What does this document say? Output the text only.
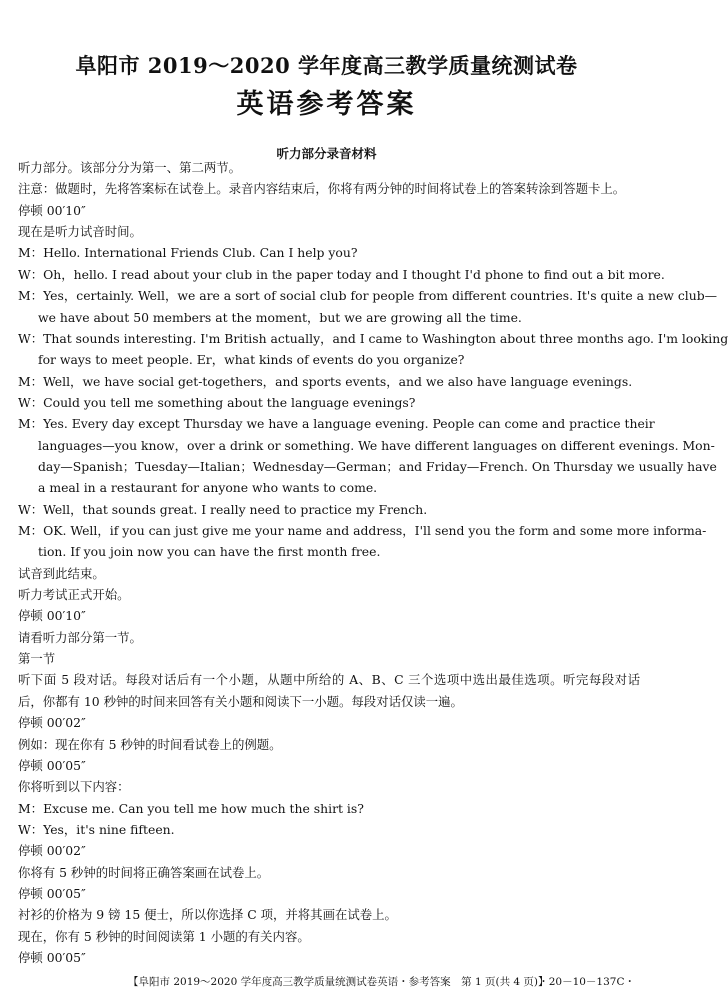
阜阳市 2019～2020 学年度高三教学质量统测试卷
英语参考答案
听力部分录音材料
听力部分。该部分分为第一、第二两节。
注意：做题时，先将答案标在试卷上。录音内容结束后，你将有两分钟的时间将试卷上的答案转涂到答题卡上。
停顿 00′10″
现在是听力试音时间。
M：Hello. International Friends Club. Can I help you?
W：Oh，hello. I read about your club in the paper today and I thought I'd phone to find out a bit more.
M：Yes，certainly. Well，we are a sort of social club for people from different countries. It's quite a new club—
we have about 50 members at the moment，but we are growing all the time.
W：That sounds interesting. I'm British actually，and I came to Washington about three months ago. I'm looking
for ways to meet people. Er，what kinds of events do you organize?
M：Well，we have social get-togethers，and sports events，and we also have language evenings.
W：Could you tell me something about the language evenings?
M：Yes. Every day except Thursday we have a language evening. People can come and practice their
languages—you know，over a drink or something. We have different languages on different evenings. Mon-
day—Spanish；Tuesday—Italian；Wednesday—German；and Friday—French. On Thursday we usually have
a meal in a restaurant for anyone who wants to come.
W：Well，that sounds great. I really need to practice my French.
M：OK. Well，if you can just give me your name and address，I'll send you the form and some more informa-
tion. If you join now you can have the first month free.
试音到此结束。
听力考试正式开始。
停顿 00′10″
请看听力部分第一节。
第一节
听下面 5 段对话。每段对话后有一个小题，从题中所给的 A、B、C 三个选项中选出最佳选项。听完每段对话
后，你都有 10 秒钟的时间来回答有关小题和阅读下一小题。每段对话仅读一遍。
停顿 00′02″
例如：现在你有 5 秒钟的时间看试卷上的例题。
停顿 00′05″
你将听到以下内容：
M：Excuse me. Can you tell me how much the shirt is?
W：Yes，it's nine fifteen.
停顿 00′02″
你将有 5 秒钟的时间将正确答案画在试卷上。
停顿 00′05″
衬衫的价格为 9 镑 15 便士，所以你选择 C 项，并将其画在试卷上。
现在，你有 5 秒钟的时间阅读第 1 小题的有关内容。
停顿 00′05″
【阜阳市 2019～2020 学年度高三教学质量统测试卷英语・参考答案　第 1 页(共 4 页)】
・20－10－137C・
